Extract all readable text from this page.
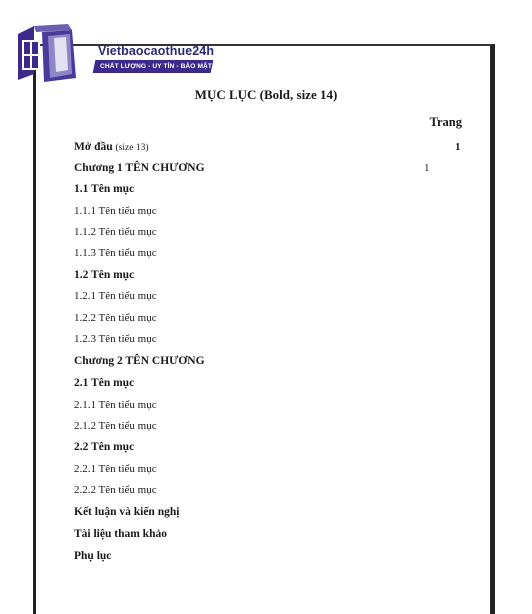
Vietbaocaothue24h
CHẤT LƯỢNG - UY TÍN - BẢO MẬT
MỤC LỤC (Bold, size 14)
Trang
Mở đầu (size 13)	1
Chương 1 TÊN CHƯƠNG	1
1.1 Tên mục
1.1.1 Tên tiểu mục
1.1.2 Tên tiểu mục
1.1.3 Tên tiểu mục
1.2 Tên mục
1.2.1 Tên tiểu mục
1.2.2 Tên tiểu mục
1.2.3 Tên tiểu mục
Chương 2 TÊN CHƯƠNG
2.1 Tên mục
2.1.1 Tên tiểu mục
2.1.2 Tên tiểu mục
2.2 Tên mục
2.2.1 Tên tiểu mục
2.2.2 Tên tiểu mục
Kết luận và kiến nghị
Tài liệu tham khảo
Phụ lục
